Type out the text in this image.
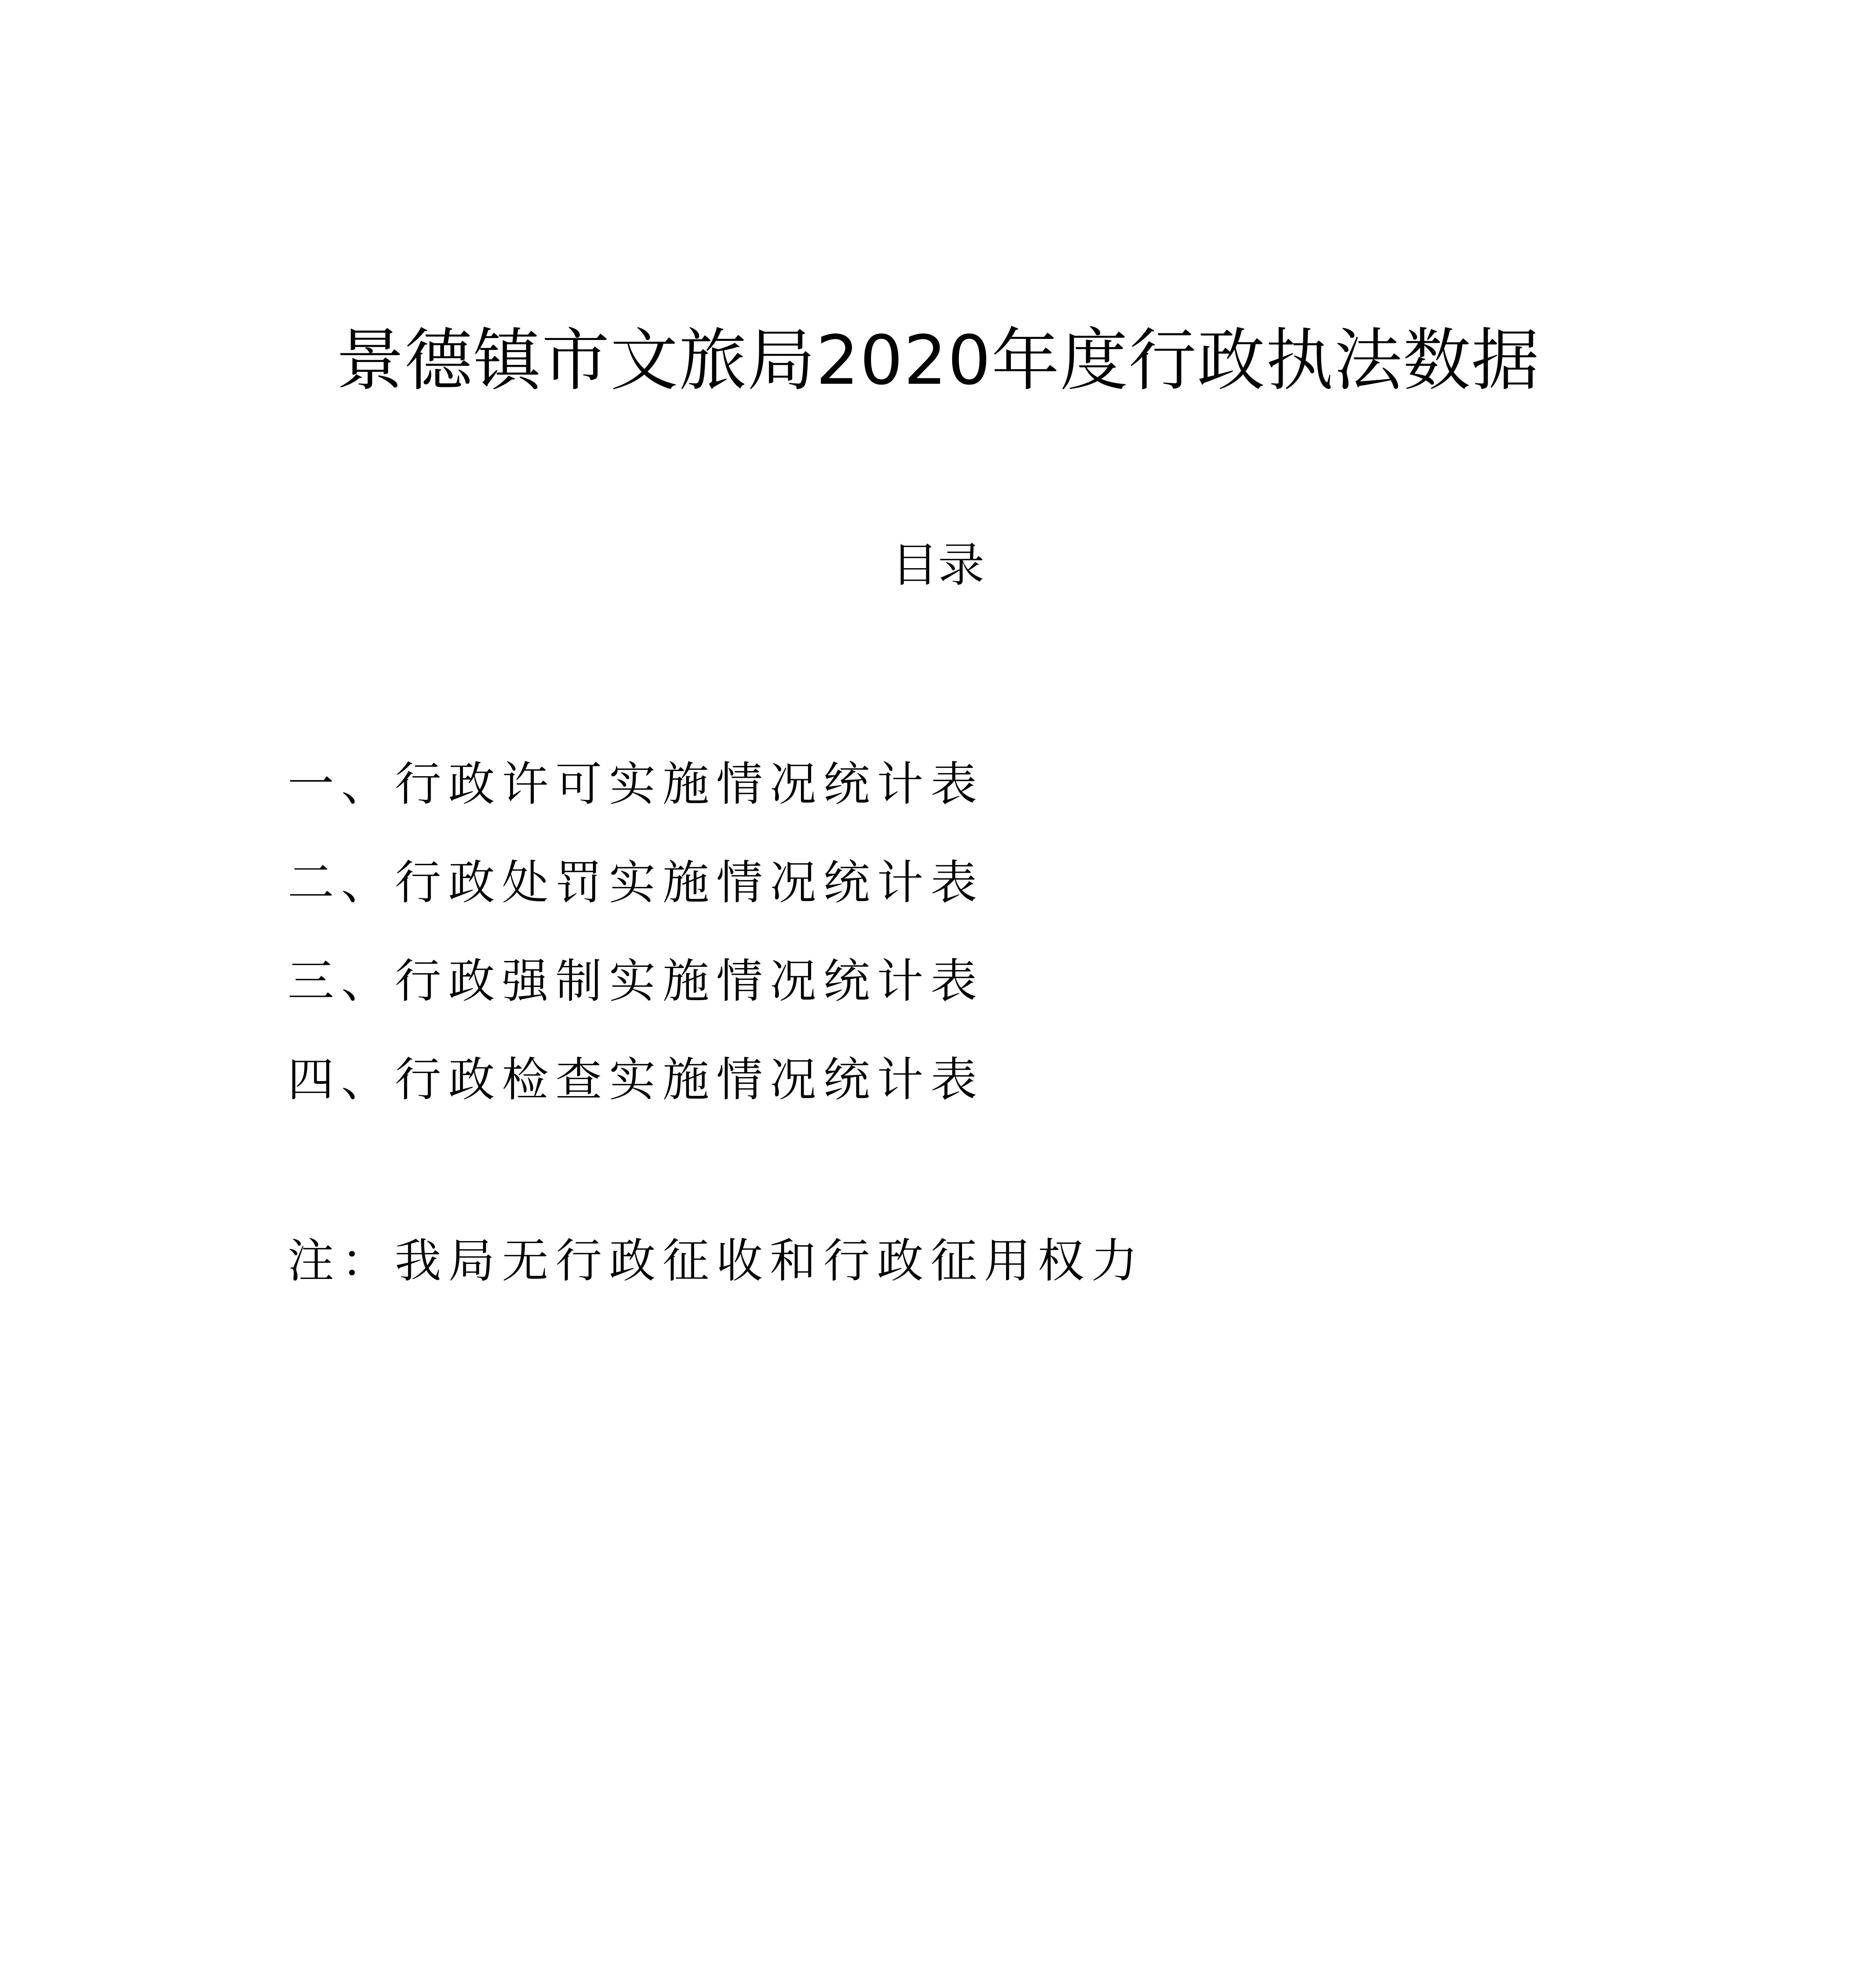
景德镇市文旅局2020年度行政执法数据
目录
一、行政许可实施情况统计表
二、行政处罚实施情况统计表
三、行政强制实施情况统计表
四、行政检查实施情况统计表
注：我局无行政征收和行政征用权力
